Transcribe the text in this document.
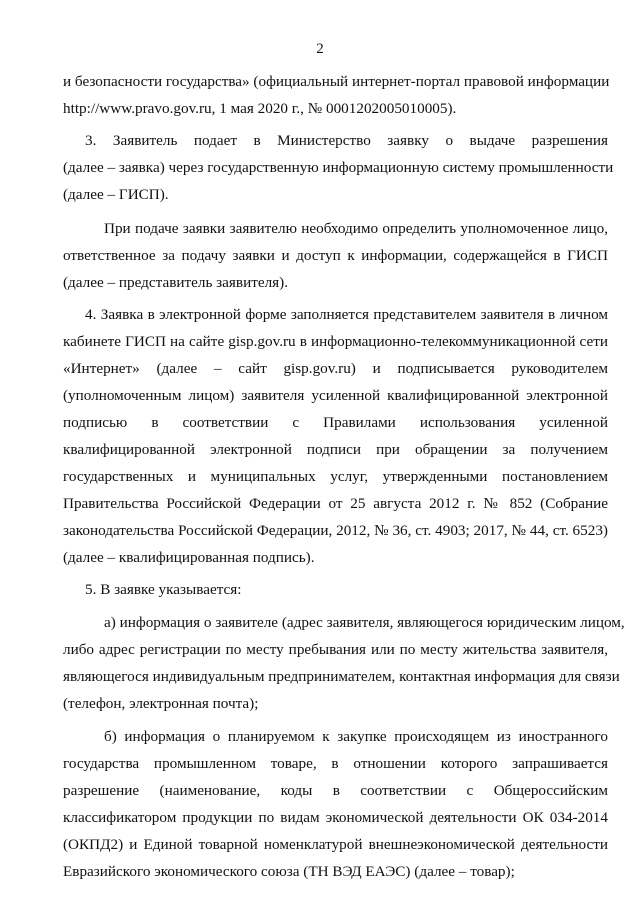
2
и безопасности государства» (официальный интернет-портал правовой информации
http://www.pravo.gov.ru, 1 мая 2020 г., № 0001202005010005).
3. Заявитель подает в Министерство заявку о выдаче разрешения
(далее – заявка) через государственную информационную систему промышленности
(далее – ГИСП).
При подаче заявки заявителю необходимо определить уполномоченное лицо,
ответственное за подачу заявки и доступ к информации, содержащейся в ГИСП
(далее – представитель заявителя).
4. Заявка в электронной форме заполняется представителем заявителя в личном
кабинете ГИСП на сайте gisp.gov.ru в информационно-телекоммуникационной сети
«Интернет» (далее – сайт gisp.gov.ru) и подписывается руководителем
(уполномоченным лицом) заявителя усиленной квалифицированной электронной
подписью в соответствии с Правилами использования усиленной
квалифицированной электронной подписи при обращении за получением
государственных и муниципальных услуг, утвержденными постановлением
Правительства Российской Федерации от 25 августа 2012 г. № 852 (Собрание
законодательства Российской Федерации, 2012, № 36, ст. 4903; 2017, № 44, ст. 6523)
(далее – квалифицированная подпись).
5. В заявке указывается:
а) информация о заявителе (адрес заявителя, являющегося юридическим лицом,
либо адрес регистрации по месту пребывания или по месту жительства заявителя,
являющегося индивидуальным предпринимателем, контактная информация для связи
(телефон, электронная почта);
б) информация о планируемом к закупке происходящем из иностранного
государства промышленном товаре, в отношении которого запрашивается
разрешение (наименование, коды в соответствии с Общероссийским
классификатором продукции по видам экономической деятельности ОК 034-2014
(ОКПД2) и Единой товарной номенклатурой внешнеэкономической деятельности
Евразийского экономического союза (ТН ВЭД ЕАЭС) (далее – товар);
